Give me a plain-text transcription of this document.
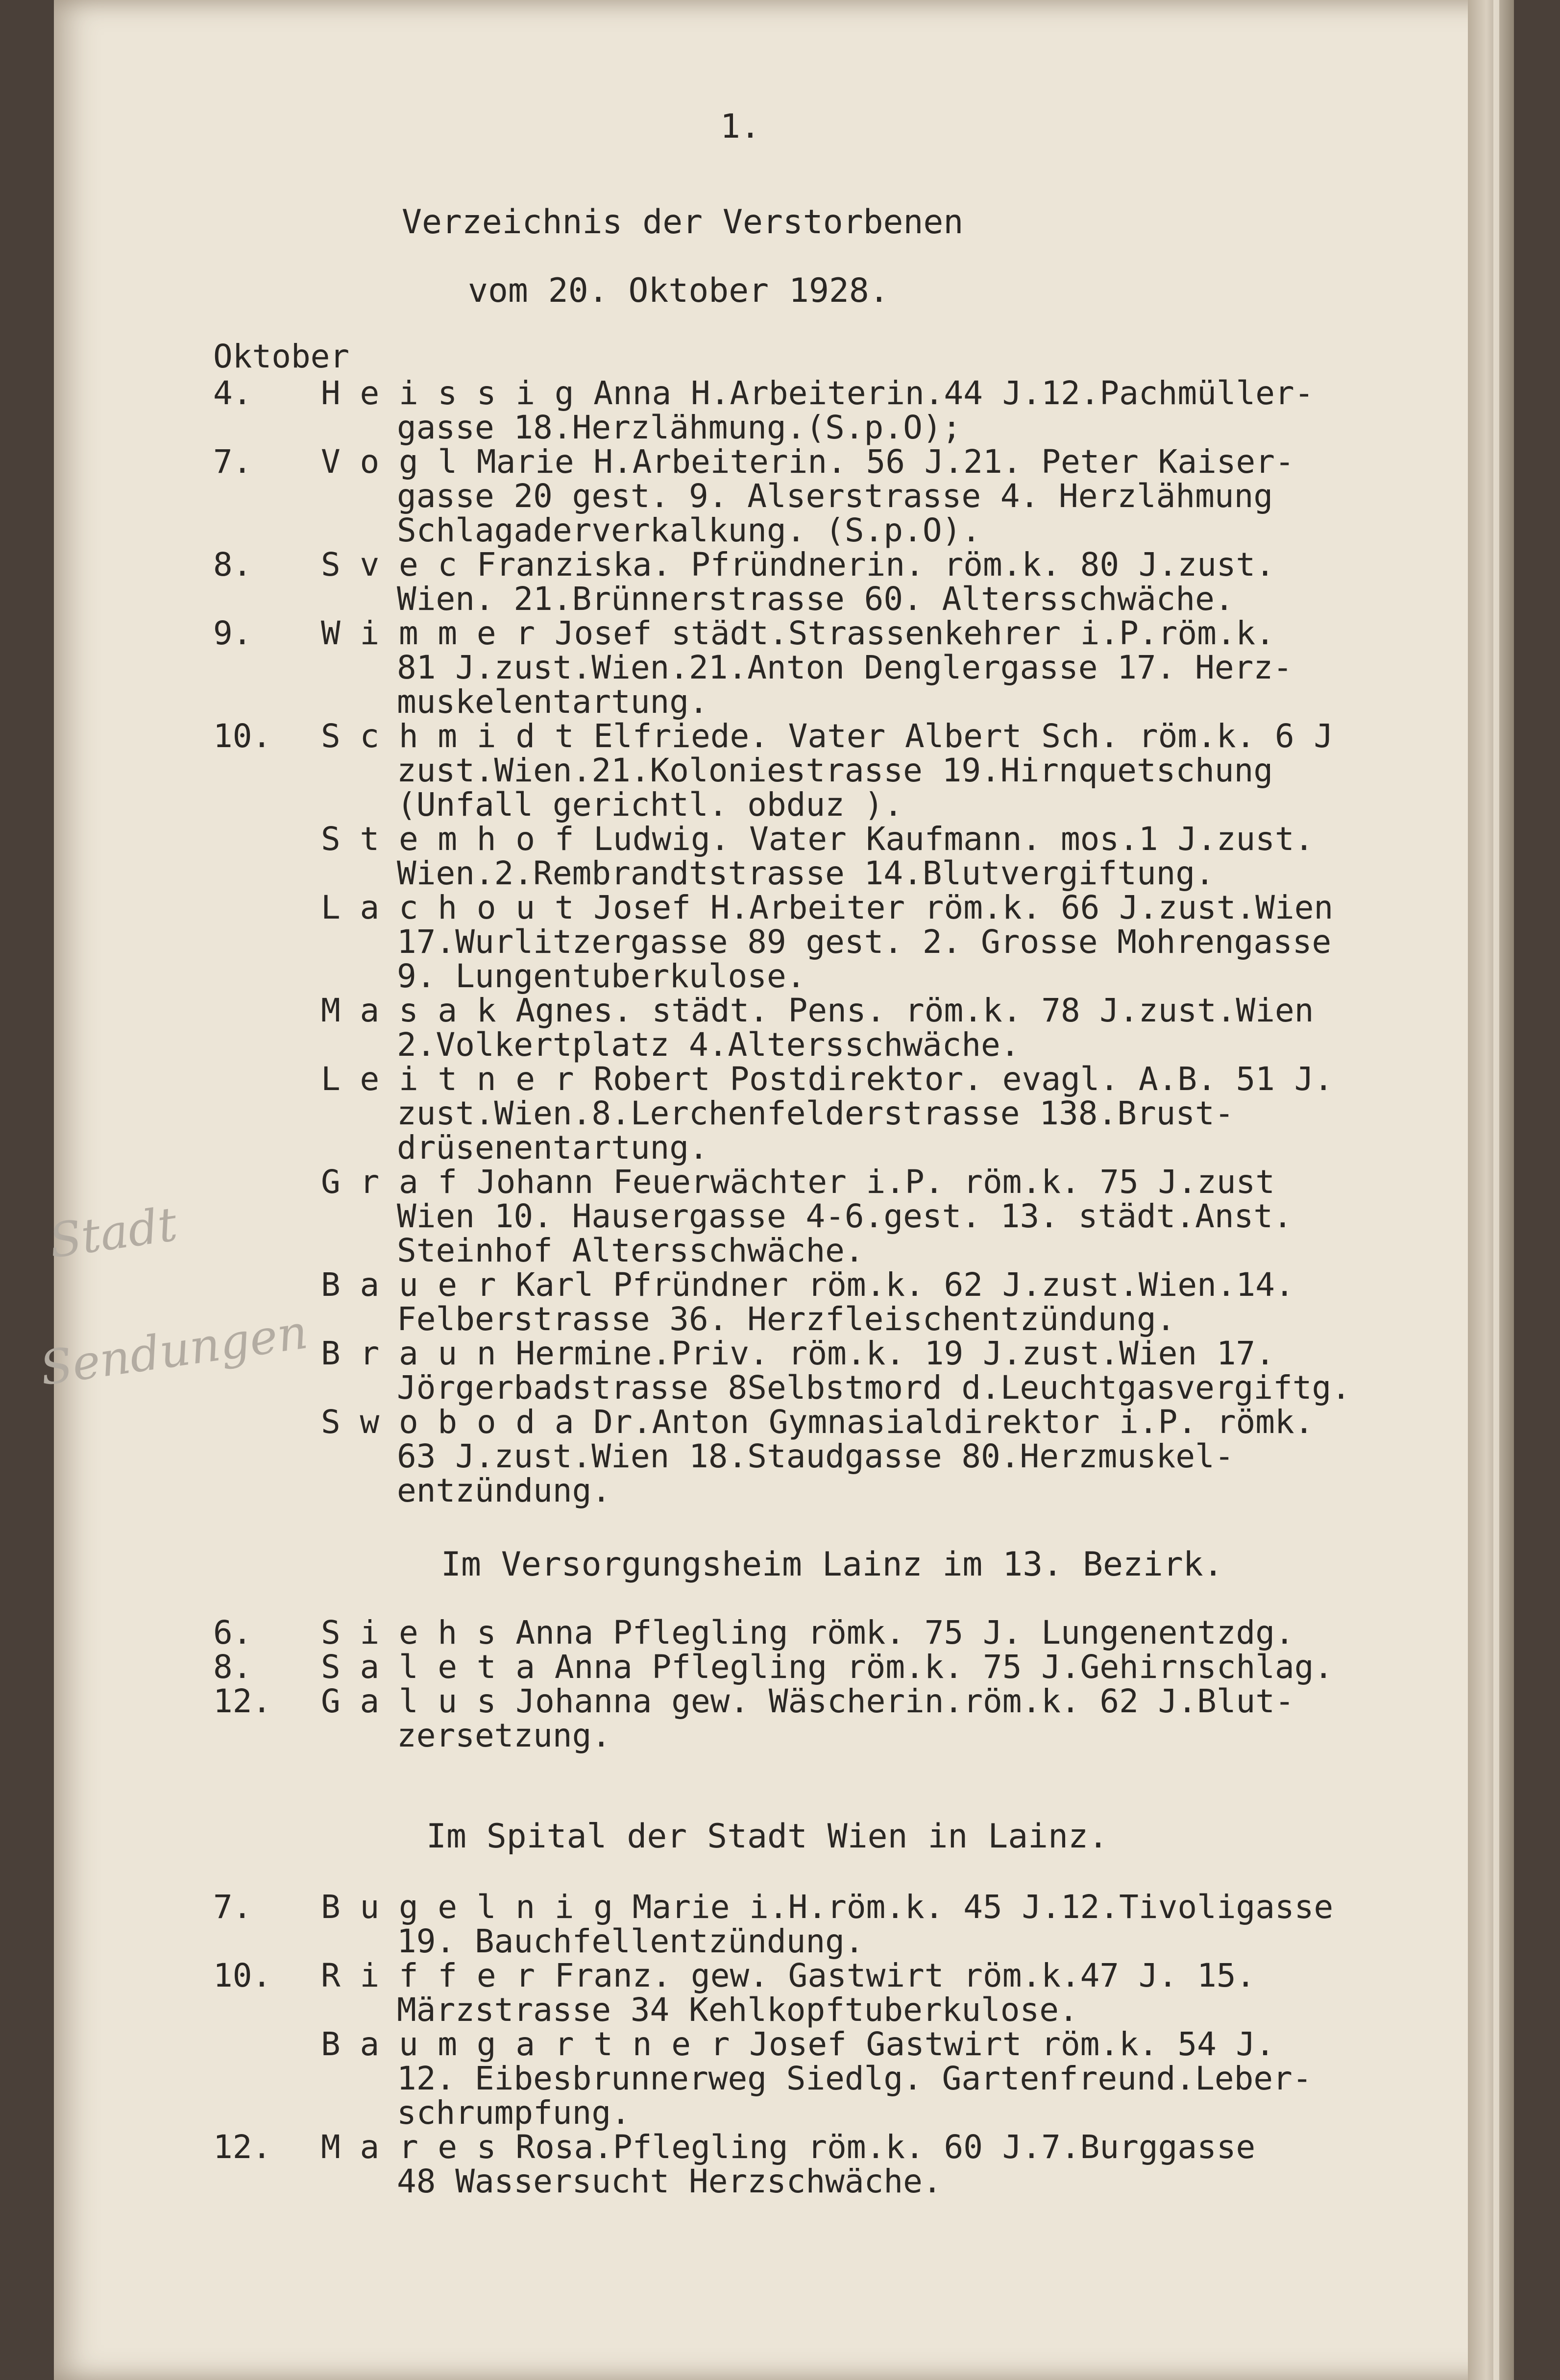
Stadt
Sendungen
1.
Verzeichnis der Verstorbenen
vom 20. Oktober 1928.
Oktober
4. H e i s s i g Anna H.Arbeiterin.44 J.12.Pachmüller-
gasse 18.Herzlähmung.(S.p.O);
7. V o g l Marie H.Arbeiterin. 56 J.21. Peter Kaiser-
gasse 20 gest. 9. Alserstrasse 4. Herzlähmung
Schlagaderverkalkung. (S.p.O).
8. S v e c Franziska. Pfründnerin. röm.k. 80 J.zust.
Wien. 21.Brünnerstrasse 60. Altersschwäche.
9. W i m m e r Josef städt.Strassenkehrer i.P.röm.k.
81 J.zust.Wien.21.Anton Denglergasse 17. Herz-
muskelentartung.
10. S c h m i d t Elfriede. Vater Albert Sch. röm.k. 6 J
zust.Wien.21.Koloniestrasse 19.Hirnquetschung
(Unfall gerichtl. obduz ).
S t e m h o f Ludwig. Vater Kaufmann. mos.1 J.zust.
Wien.2.Rembrandtstrasse 14.Blutvergiftung.
L a c h o u t Josef H.Arbeiter röm.k. 66 J.zust.Wien
17.Wurlitzergasse 89 gest. 2. Grosse Mohrengasse
9. Lungentuberkulose.
M a s a k Agnes. städt. Pens. röm.k. 78 J.zust.Wien
2.Volkertplatz 4.Altersschwäche.
L e i t n e r Robert Postdirektor. evagl. A.B. 51 J.
zust.Wien.8.Lerchenfelderstrasse 138.Brust-
drüsenentartung.
G r a f Johann Feuerwächter i.P. röm.k. 75 J.zust
Wien 10. Hausergasse 4-6.gest. 13. städt.Anst.
Steinhof Altersschwäche.
B a u e r Karl Pfründner röm.k. 62 J.zust.Wien.14.
Felberstrasse 36. Herzfleischentzündung.
B r a u n Hermine.Priv. röm.k. 19 J.zust.Wien 17.
Jörgerbadstrasse 8Selbstmord d.Leuchtgasvergiftg.
S w o b o d a Dr.Anton Gymnasialdirektor i.P. römk.
63 J.zust.Wien 18.Staudgasse 80.Herzmuskel-
entzündung.
Im Versorgungsheim Lainz im 13. Bezirk.
6. S i e h s Anna Pflegling römk. 75 J. Lungenentzdg.
8. S a l e t a Anna Pflegling röm.k. 75 J.Gehirnschlag.
12. G a l u s Johanna gew. Wäscherin.röm.k. 62 J.Blut-
zersetzung.
Im Spital der Stadt Wien in Lainz.
7. B u g e l n i g Marie i.H.röm.k. 45 J.12.Tivoligasse
19. Bauchfellentzündung.
10. R i f f e r Franz. gew. Gastwirt röm.k.47 J. 15.
Märzstrasse 34 Kehlkopftuberkulose.
B a u m g a r t n e r Josef Gastwirt röm.k. 54 J.
12. Eibesbrunnerweg Siedlg. Gartenfreund.Leber-
schrumpfung.
12. M a r e s Rosa.Pflegling röm.k. 60 J.7.Burggasse
48 Wassersucht Herzschwäche.
